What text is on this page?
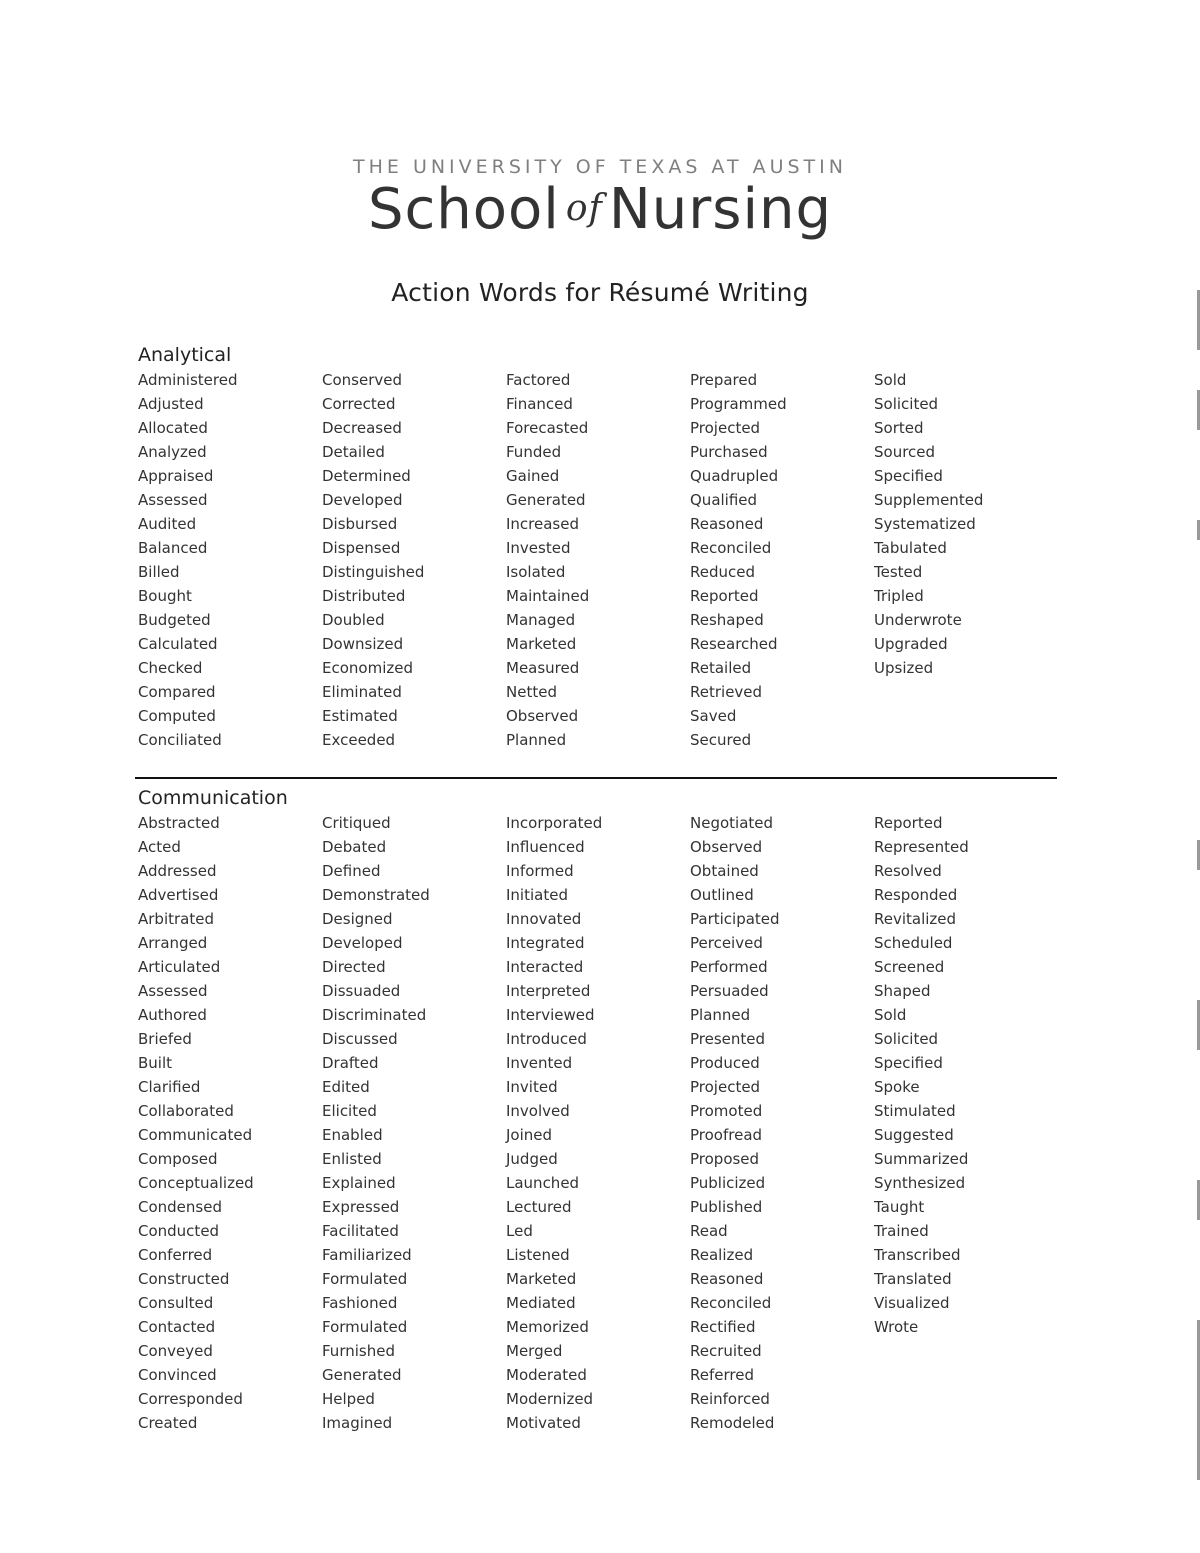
THE UNIVERSITY OF TEXAS AT AUSTIN
School of Nursing
Action Words for Résumé Writing
Analytical
Administered
Adjusted
Allocated
Analyzed
Appraised
Assessed
Audited
Balanced
Billed
Bought
Budgeted
Calculated
Checked
Compared
Computed
Conciliated
Conserved
Corrected
Decreased
Detailed
Determined
Developed
Disbursed
Dispensed
Distinguished
Distributed
Doubled
Downsized
Economized
Eliminated
Estimated
Exceeded
Factored
Financed
Forecasted
Funded
Gained
Generated
Increased
Invested
Isolated
Maintained
Managed
Marketed
Measured
Netted
Observed
Planned
Prepared
Programmed
Projected
Purchased
Quadrupled
Qualified
Reasoned
Reconciled
Reduced
Reported
Reshaped
Researched
Retailed
Retrieved
Saved
Secured
Sold
Solicited
Sorted
Sourced
Specified
Supplemented
Systematized
Tabulated
Tested
Tripled
Underwrote
Upgraded
Upsized
Communication
Abstracted
Acted
Addressed
Advertised
Arbitrated
Arranged
Articulated
Assessed
Authored
Briefed
Built
Clarified
Collaborated
Communicated
Composed
Conceptualized
Condensed
Conducted
Conferred
Constructed
Consulted
Contacted
Conveyed
Convinced
Corresponded
Created
Critiqued
Debated
Defined
Demonstrated
Designed
Developed
Directed
Dissuaded
Discriminated
Discussed
Drafted
Edited
Elicited
Enabled
Enlisted
Explained
Expressed
Facilitated
Familiarized
Formulated
Fashioned
Formulated
Furnished
Generated
Helped
Imagined
Incorporated
Influenced
Informed
Initiated
Innovated
Integrated
Interacted
Interpreted
Interviewed
Introduced
Invented
Invited
Involved
Joined
Judged
Launched
Lectured
Led
Listened
Marketed
Mediated
Memorized
Merged
Moderated
Modernized
Motivated
Negotiated
Observed
Obtained
Outlined
Participated
Perceived
Performed
Persuaded
Planned
Presented
Produced
Projected
Promoted
Proofread
Proposed
Publicized
Published
Read
Realized
Reasoned
Reconciled
Rectified
Recruited
Referred
Reinforced
Remodeled
Reported
Represented
Resolved
Responded
Revitalized
Scheduled
Screened
Shaped
Sold
Solicited
Specified
Spoke
Stimulated
Suggested
Summarized
Synthesized
Taught
Trained
Transcribed
Translated
Visualized
Wrote
